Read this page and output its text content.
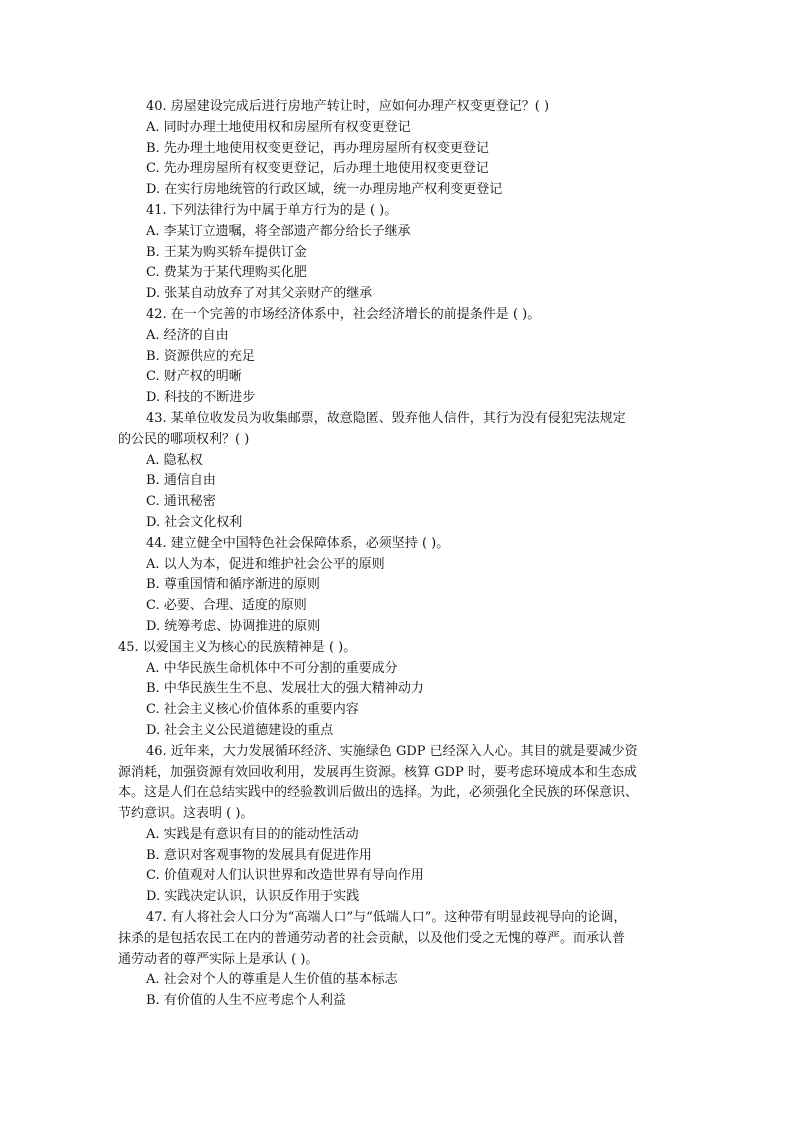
40. 房屋建设完成后进行房地产转让时，应如何办理产权变更登记？( )
A. 同时办理土地使用权和房屋所有权变更登记
B. 先办理土地使用权变更登记，再办理房屋所有权变更登记
C. 先办理房屋所有权变更登记，后办理土地使用权变更登记
D. 在实行房地统管的行政区域，统一办理房地产权利变更登记
41. 下列法律行为中属于单方行为的是 ( )。
A. 李某订立遗嘱，将全部遗产都分给长子继承
B. 王某为购买轿车提供订金
C. 费某为于某代理购买化肥
D. 张某自动放弃了对其父亲财产的继承
42. 在一个完善的市场经济体系中，社会经济增长的前提条件是 ( )。
A. 经济的自由
B. 资源供应的充足
C. 财产权的明晰
D. 科技的不断进步
43. 某单位收发员为收集邮票，故意隐匿、毁弃他人信件，其行为没有侵犯宪法规定
的公民的哪项权利？( )
A. 隐私权
B. 通信自由
C. 通讯秘密
D. 社会文化权利
44. 建立健全中国特色社会保障体系，必须坚持 ( )。
A. 以人为本，促进和维护社会公平的原则
B. 尊重国情和循序渐进的原则
C. 必要、合理、适度的原则
D. 统筹考虑、协调推进的原则
45. 以爱国主义为核心的民族精神是 ( )。
A. 中华民族生命机体中不可分割的重要成分
B. 中华民族生生不息、发展壮大的强大精神动力
C. 社会主义核心价值体系的重要内容
D. 社会主义公民道德建设的重点
46. 近年来，大力发展循环经济、实施绿色 GDP 已经深入人心。其目的就是要减少资
源消耗，加强资源有效回收利用，发展再生资源。核算 GDP 时，要考虑环境成本和生态成
本。这是人们在总结实践中的经验教训后做出的选择。为此，必须强化全民族的环保意识、
节约意识。这表明 ( )。
A. 实践是有意识有目的的能动性活动
B. 意识对客观事物的发展具有促进作用
C. 价值观对人们认识世界和改造世界有导向作用
D. 实践决定认识，认识反作用于实践
47. 有人将社会人口分为“高端人口”与“低端人口”。这种带有明显歧视导向的论调，
抹杀的是包括农民工在内的普通劳动者的社会贡献，以及他们受之无愧的尊严。而承认普
通劳动者的尊严实际上是承认 ( )。
A. 社会对个人的尊重是人生价值的基本标志
B. 有价值的人生不应考虑个人利益
